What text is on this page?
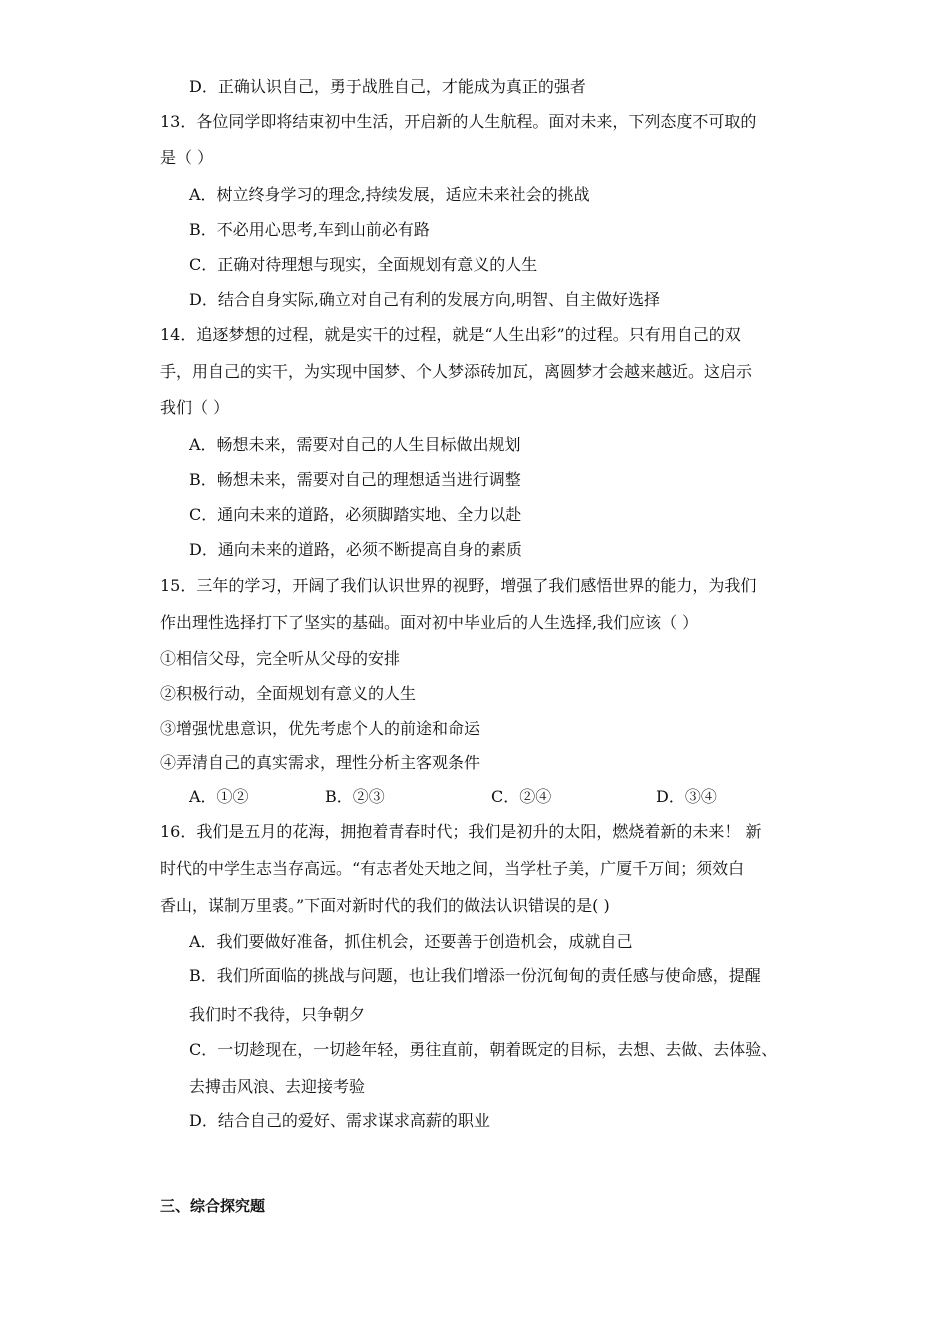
D．正确认识自己，勇于战胜自己，才能成为真正的强者
13．各位同学即将结束初中生活，开启新的人生航程。面对未来，下列态度不可取的
是（ ）
A．树立终身学习的理念,持续发展，适应未来社会的挑战
B．不必用心思考,车到山前必有路
C．正确对待理想与现实，全面规划有意义的人生
D．结合自身实际,确立对自己有利的发展方向,明智、自主做好选择
14．追逐梦想的过程，就是实干的过程，就是“人生出彩”的过程。只有用自己的双
手，用自己的实干，为实现中国梦、个人梦添砖加瓦，离圆梦才会越来越近。这启示
我们（ ）
A．畅想未来，需要对自己的人生目标做出规划
B．畅想未来，需要对自己的理想适当进行调整
C．通向未来的道路，必须脚踏实地、全力以赴
D．通向未来的道路，必须不断提高自身的素质
15．三年的学习，开阔了我们认识世界的视野，增强了我们感悟世界的能力，为我们
作出理性选择打下了坚实的基础。面对初中毕业后的人生选择,我们应该（ ）
①相信父母，完全听从父母的安排
②积极行动，全面规划有意义的人生
③增强忧患意识，优先考虑个人的前途和命运
④弄清自己的真实需求，理性分析主客观条件
A．①②	B．②③	C．②④	D．③④
16．我们是五月的花海，拥抱着青春时代；我们是初升的太阳，燃烧着新的未来！ 新
时代的中学生志当存高远。“有志者处天地之间，当学杜子美，广厦千万间；须效白
香山，谋制万里裘。”下面对新时代的我们的做法认识错误的是( )
A．我们要做好准备，抓住机会，还要善于创造机会，成就自己
B．我们所面临的挑战与问题，也让我们增添一份沉甸甸的责任感与使命感，提醒
我们时不我待，只争朝夕
C．一切趁现在，一切趁年轻，勇往直前，朝着既定的目标，去想、去做、去体验、
去搏击风浪、去迎接考验
D．结合自己的爱好、需求谋求高薪的职业
三、综合探究题
